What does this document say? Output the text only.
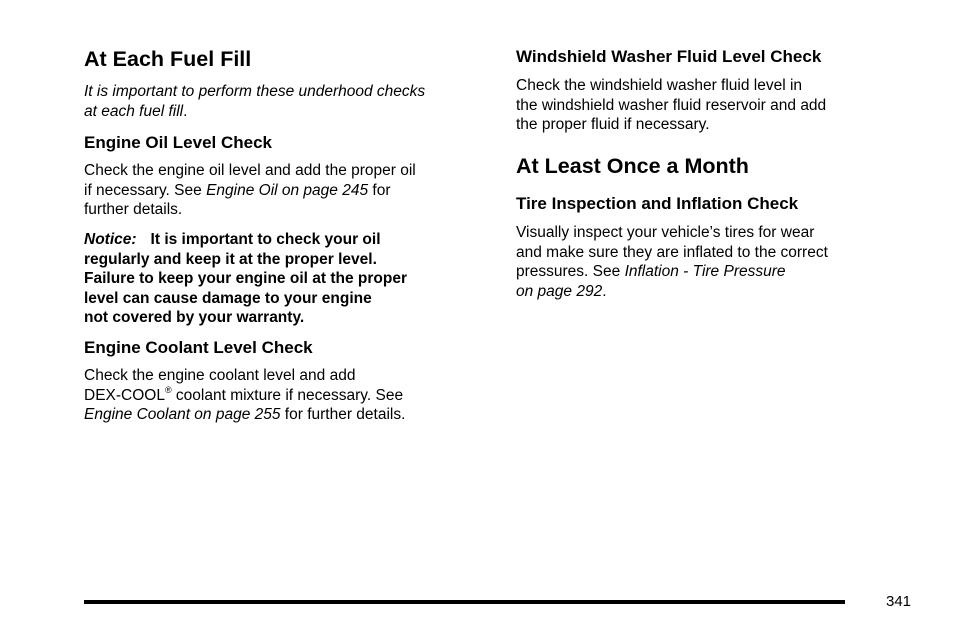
At Each Fuel Fill

It is important to perform these underhood checks
at each fuel fill.

Engine Oil Level Check

Check the engine oil level and add the proper oil
if necessary. See Engine Oil on page 245 for
further details.

Notice: It is important to check your oil
regularly and keep it at the proper level.
Failure to keep your engine oil at the proper
level can cause damage to your engine
not covered by your warranty.

Engine Coolant Level Check

Check the engine coolant level and add
DEX-COOL® coolant mixture if necessary. See
Engine Coolant on page 255 for further details.

Windshield Washer Fluid Level Check

Check the windshield washer fluid level in
the windshield washer fluid reservoir and add
the proper fluid if necessary.

At Least Once a Month
Tire Inspection and Inflation Check

Visually inspect your vehicle’s tires for wear
and make sure they are inflated to the correct
pressures. See Inflation - Tire Pressure
on page 292.

341
